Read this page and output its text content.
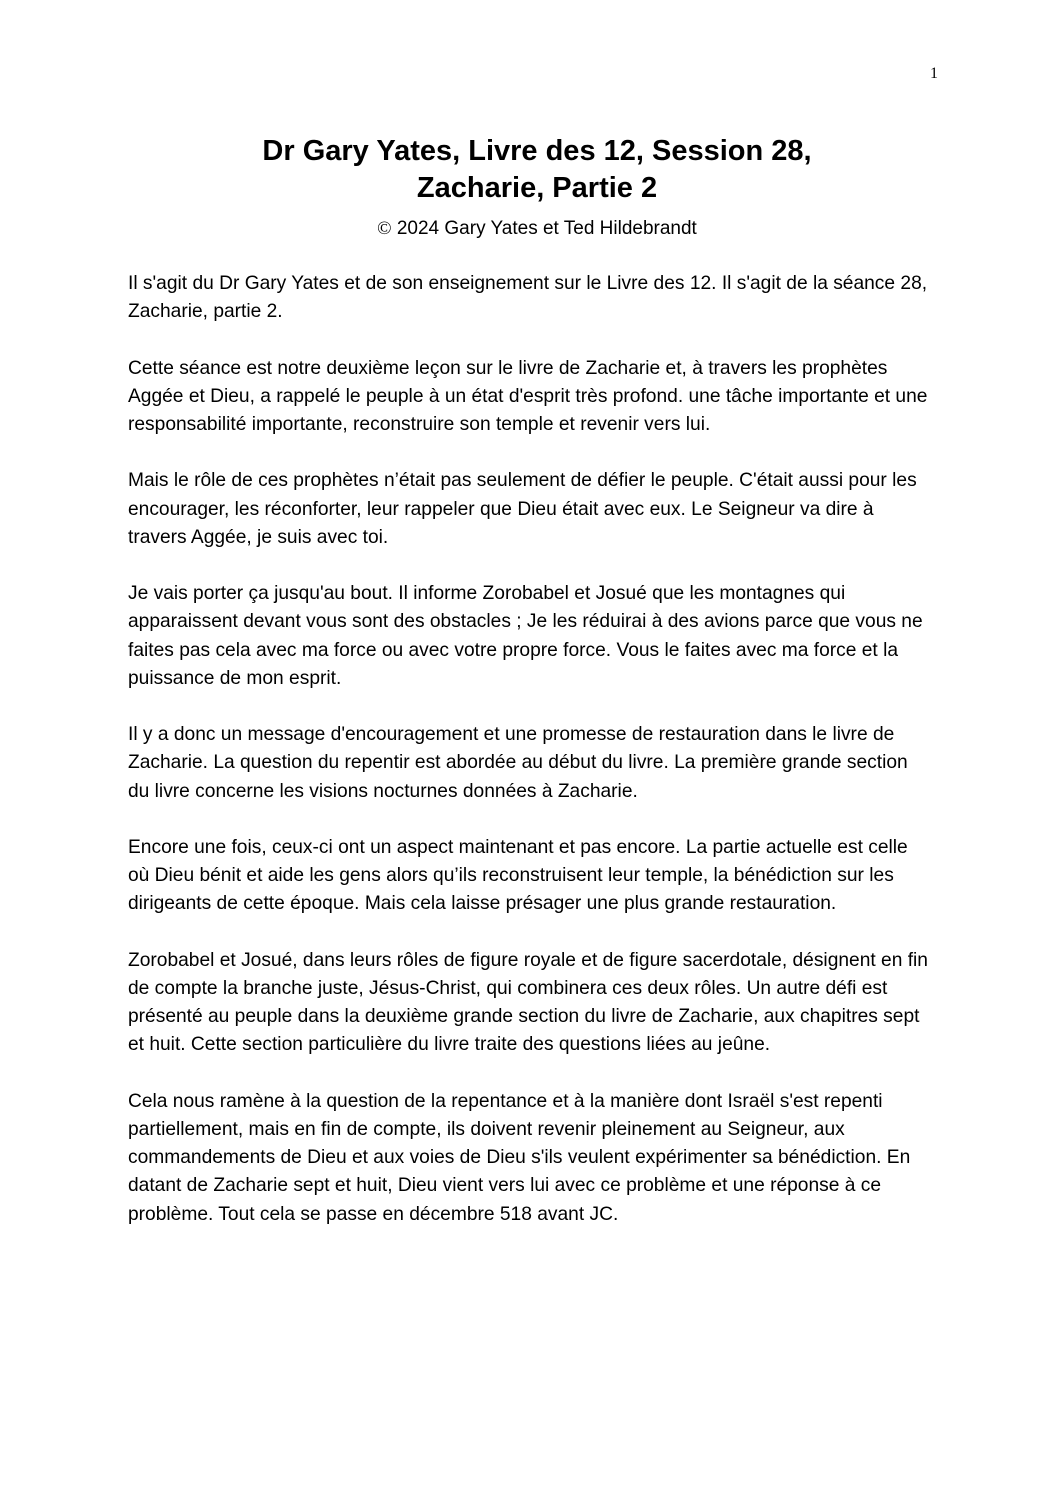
1
Dr Gary Yates, Livre des 12, Session 28,
Zacharie, Partie 2
© 2024 Gary Yates et Ted Hildebrandt

Il s'agit du Dr Gary Yates et de son enseignement sur le Livre des 12. Il s'agit de la séance 28, Zacharie, partie 2.

Cette séance est notre deuxième leçon sur le livre de Zacharie et, à travers les prophètes Aggée et Dieu, a rappelé le peuple à un état d'esprit très profond. une tâche importante et une responsabilité importante, reconstruire son temple et revenir vers lui.

Mais le rôle de ces prophètes n’était pas seulement de défier le peuple. C'était aussi pour les encourager, les réconforter, leur rappeler que Dieu était avec eux. Le Seigneur va dire à travers Aggée, je suis avec toi.

Je vais porter ça jusqu'au bout. Il informe Zorobabel et Josué que les montagnes qui apparaissent devant vous sont des obstacles ; Je les réduirai à des avions parce que vous ne faites pas cela avec ma force ou avec votre propre force. Vous le faites avec ma force et la puissance de mon esprit.

Il y a donc un message d'encouragement et une promesse de restauration dans le livre de Zacharie. La question du repentir est abordée au début du livre. La première grande section du livre concerne les visions nocturnes données à Zacharie.

Encore une fois, ceux-ci ont un aspect maintenant et pas encore. La partie actuelle est celle où Dieu bénit et aide les gens alors qu’ils reconstruisent leur temple, la bénédiction sur les dirigeants de cette époque. Mais cela laisse présager une plus grande restauration.

Zorobabel et Josué, dans leurs rôles de figure royale et de figure sacerdotale, désignent en fin de compte la branche juste, Jésus-Christ, qui combinera ces deux rôles. Un autre défi est présenté au peuple dans la deuxième grande section du livre de Zacharie, aux chapitres sept et huit. Cette section particulière du livre traite des questions liées au jeûne.

Cela nous ramène à la question de la repentance et à la manière dont Israël s'est repenti partiellement, mais en fin de compte, ils doivent revenir pleinement au Seigneur, aux commandements de Dieu et aux voies de Dieu s'ils veulent expérimenter sa bénédiction. En datant de Zacharie sept et huit, Dieu vient vers lui avec ce problème et une réponse à ce problème. Tout cela se passe en décembre 518 avant JC.
